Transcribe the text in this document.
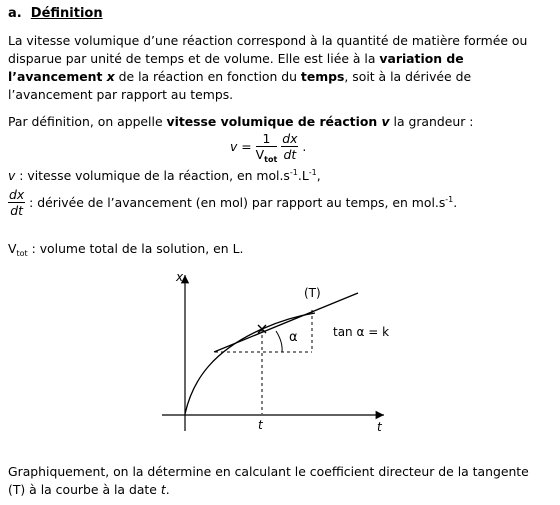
a. Définition
La vitesse volumique d’une réaction correspond à la quantité de matière formée ou disparue par unité de temps et de volume. Elle est liée à la variation de l’avancement x de la réaction en fonction du temps, soit à la dérivée de l’avancement par rapport au temps.
Par définition, on appelle vitesse volumique de réaction v la grandeur :
$v = \frac{1}{V_{tot}}$
$\frac{dx}{dt}$ .
v : vitesse volumique de la réaction, en $mol.s^{-1}.L^{-1}$,
$\frac{dx}{dt}$ : dérivée de l’avancement (en mol) par rapport au temps, en $mol.s^{-1}$.
$V_{tot}$ : volume total de la solution, en L.
x
t
t
(T)
α	tan α = k
Graphiquement, on la détermine en calculant le coefficient directeur de la tangente (T) à la courbe à la date t.
